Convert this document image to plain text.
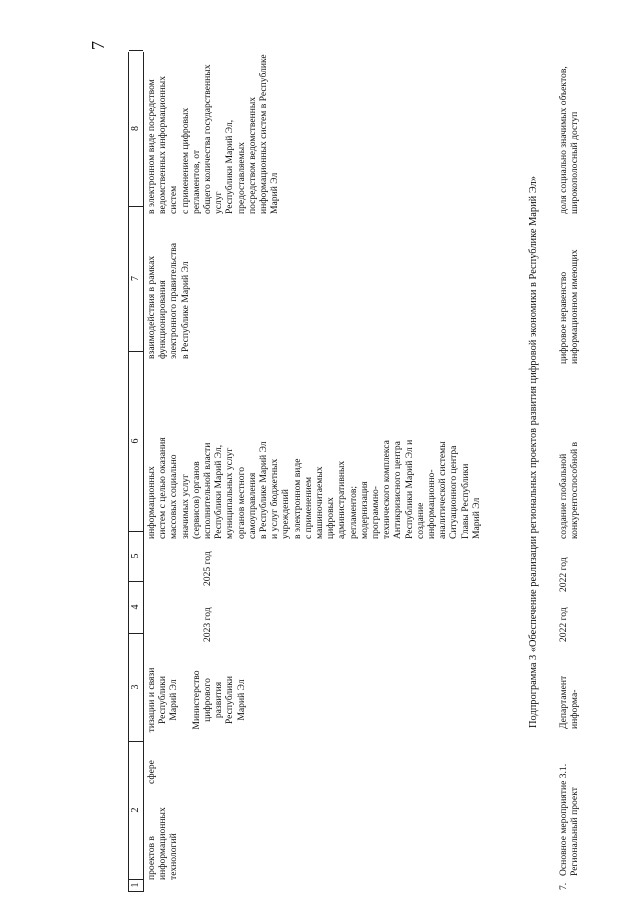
7
1
2
3
4
5
6
7
8
проектов в
информационных
технологий
сфере
тизации и связи
Республики
Марий Эл

Министерство
цифрового
развития
Республики
Марий Эл
2023 год
2025 год
информационных
систем с целью оказания
массовых социально
значимых услуг
(сервисов) органов
исполнительной власти
Республики Марий Эл,
муниципальных услуг
органов местного
самоуправления
в Республике Марий Эл
и услуг бюджетных
учреждений
в электронном виде
с применением
машиночитаемых
цифровых
административных
регламентов;
модернизация
программно-
технического комплекса
Антикризисного центра
Республики Марий Эл и
создание
информационно-
аналитической системы
Ситуационного центра
Главы Республики
Марий Эл
взаимодействия в рамках
функционирования
электронного правительства
в Республике Марий Эл
в электронном виде посредством
ведомственных информационных систем
с применением цифровых регламентов, от
общего количества государственных услуг
Республики Марий Эл, предоставляемых
посредством ведомственных
информационных систем в Республике
Марий Эл	Подпрограмма 3 «Обеспечение реализации региональных проектов развития цифровой экономики в Республике Марий Эл»
7.
Основное мероприятие 3.1.
Региональный проект
Департамент
информа-
2022 год
2022 год
создание глобальной
конкурентоспособной в
цифровое неравенство
информационном имеющих
доля социально значимых объектов,
широкополосный доступ
